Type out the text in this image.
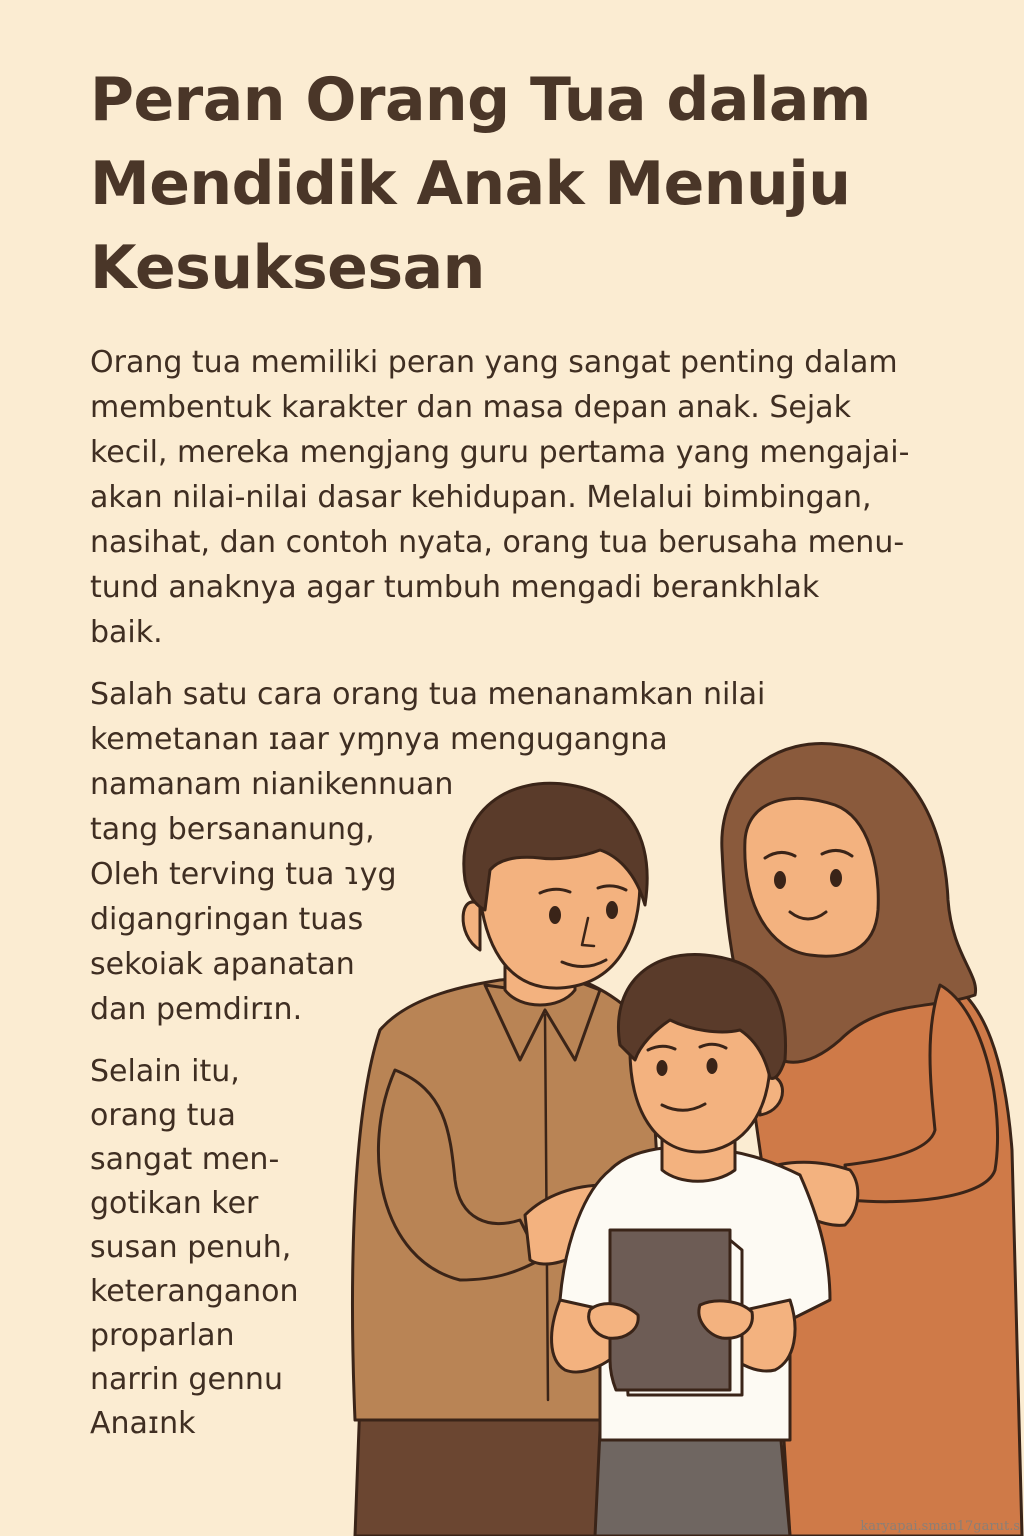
Peran Orang Tua dalam
Mendidik Anak Menuju
Kesuksesan

Orang tua memiliki peran yang sangat penting dalam
membentuk karakter dan masa depan anak. Sejak
kecil, mereka mengjang guru pertama yang mengajai-
akan nilai-nilai dasar kehidupan. Melalui bimbingan,
nasihat, dan contoh nyata, orang tua berusaha menu-
tund anaknya agar tumbuh mengadi berankhlak
baik.

Salah satu cara orang tua menanamkan nilai
kemetanan ɪaar yɱnya mengugangna
namanam nianikennuan
tang bersananung,
Oleh terving tua ɿyg
digangringan tuas
sekoiak apanatan
dan pemdirɪn.

Selain itu,
orang tua
sangat men-
gotikan ker
susan penuh,
keteranganon
proparlan
narrin gennu
Anaɪnk

karyapai.sman17garut.s
